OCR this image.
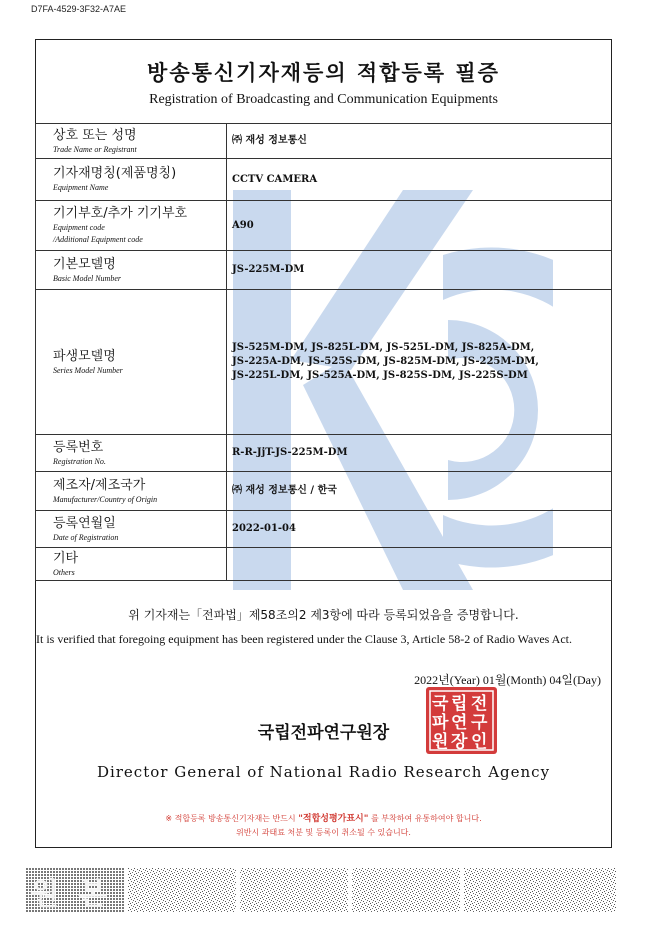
D7FA-4529-3F32-A7AE
방송통신기자재등의 적합등록 필증
Registration of Broadcasting and Communication Equipments
상호 또는 성명
Trade Name or Registrant	㈜ 재성 정보통신

기자재명칭(제품명칭)
Equipment Name	CCTV CAMERA

기기부호/추가 기기부호
Equipment code
/Additional Equipment code	A90

기본모델명
Basic Model Number	JS-225M-DM

파생모델명
Series Model Number	JS-525M-DM, JS-825L-DM, JS-525L-DM, JS-825A-DM,
JS-225A-DM, JS-525S-DM, JS-825M-DM, JS-225M-DM,
JS-225L-DM, JS-525A-DM, JS-825S-DM, JS-225S-DM

등록번호
Registration No.	R-R-JjT-JS-225M-DM

제조자/제조국가
Manufacturer/Country of Origin	㈜ 재성 정보통신 / 한국

등록연월일
Date of Registration	2022-01-04

기타
Others	

위 기자재는「전파법」제58조의2 제3항에 따라 등록되었음을 증명합니다.
It is verified that foregoing equipment has been registered under the Clause 3, Article 58-2 of Radio Waves Act.
2022년(Year) 01월(Month) 04일(Day)
국립전파연구원장
국 립 전
파 연 구
원 장 인
Director General of National Radio Research Agency
※ 적합등록 방송통신기자재는 반드시 "적합성평가표시" 를 부착하여 유통하여야 합니다.
위반시 과태료 처분 및 등록이 취소될 수 있습니다.
원 본
